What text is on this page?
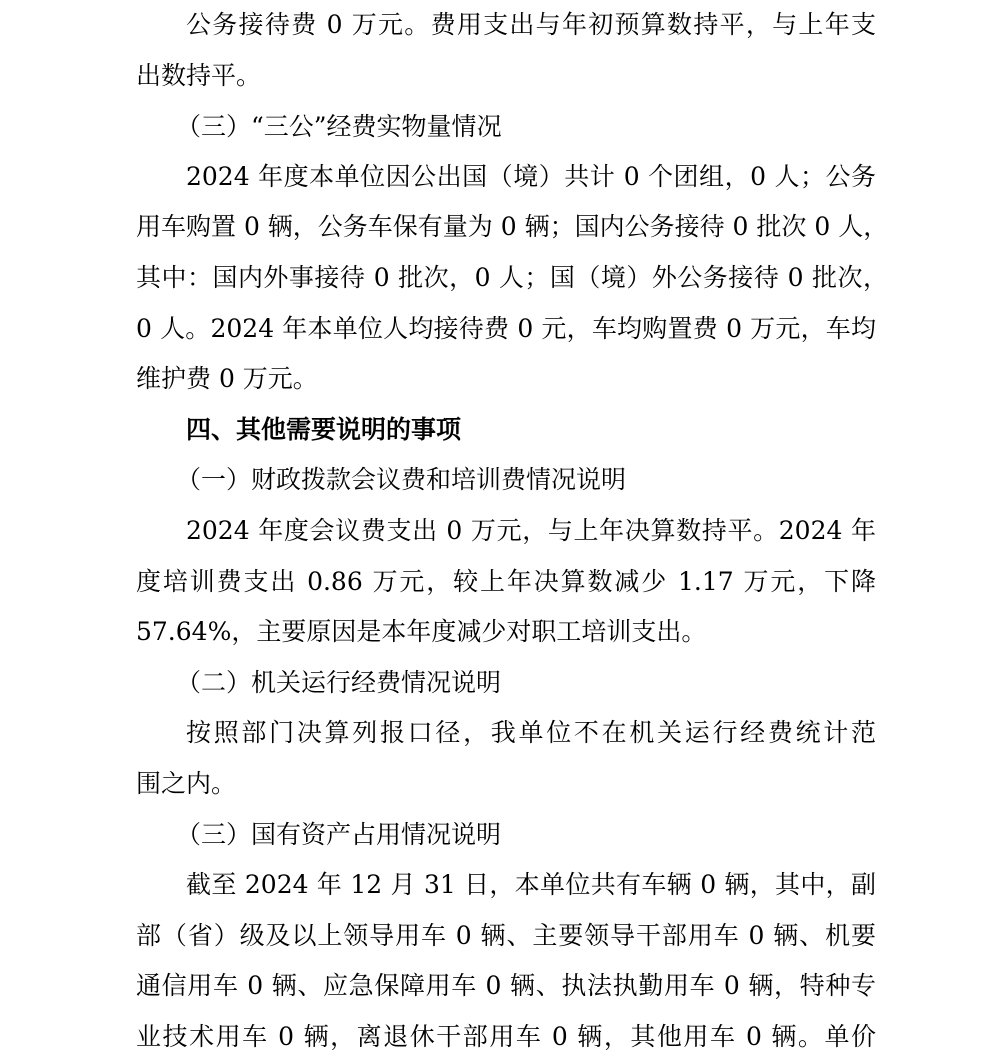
公务接待费 0 万元。费用支出与年初预算数持平，与上年支
出数持平。
（三）“三公”经费实物量情况
2024 年度本单位因公出国（境）共计 0 个团组，0 人；公务
用车购置 0 辆，公务车保有量为 0 辆；国内公务接待 0 批次 0 人，
其中：国内外事接待 0 批次，0 人；国（境）外公务接待 0 批次，
0 人。2024 年本单位人均接待费 0 元，车均购置费 0 万元，车均
维护费 0 万元。
四、其他需要说明的事项
（一）财政拨款会议费和培训费情况说明
2024 年度会议费支出 0 万元，与上年决算数持平。2024 年
度培训费支出 0.86 万元，较上年决算数减少 1.17 万元，下降
57.64%，主要原因是本年度减少对职工培训支出。
（二）机关运行经费情况说明
按照部门决算列报口径，我单位不在机关运行经费统计范
围之内。
（三）国有资产占用情况说明
截至 2024 年 12 月 31 日，本单位共有车辆 0 辆，其中，副
部（省）级及以上领导用车 0 辆、主要领导干部用车 0 辆、机要
通信用车 0 辆、应急保障用车 0 辆、执法执勤用车 0 辆，特种专
业技术用车 0 辆，离退休干部用车 0 辆，其他用车 0 辆。单价
